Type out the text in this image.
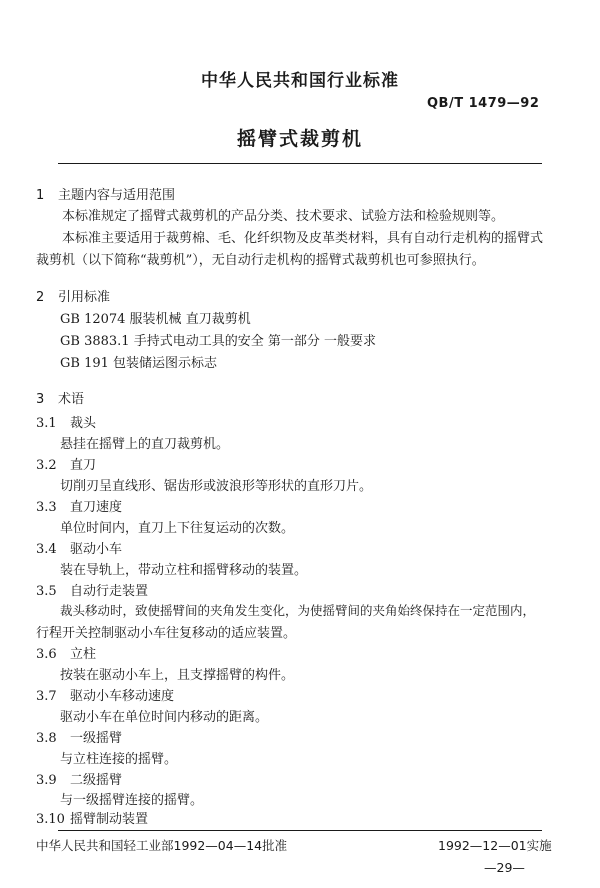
中华人民共和国行业标准
QB/T 1479—92
摇臂式裁剪机
1 主题内容与适用范围
本标准规定了摇臂式裁剪机的产品分类、技术要求、试验方法和检验规则等。
本标准主要适用于裁剪棉、毛、化纤织物及皮革类材料，具有自动行走机构的摇臂式裁剪机（以下简称“裁剪机”），无自动行走机构的摇臂式裁剪机也可参照执行。
2 引用标准
GB 12074 服装机械 直刀裁剪机
GB 3883.1 手持式电动工具的安全 第一部分 一般要求
GB 191 包装储运图示标志
3 术语
3.1 裁头
悬挂在摇臂上的直刀裁剪机。
3.2 直刀
切削刃呈直线形、锯齿形或波浪形等形状的直形刀片。
3.3 直刀速度
单位时间内，直刀上下往复运动的次数。
3.4 驱动小车
装在导轨上，带动立柱和摇臂移动的装置。
3.5 自动行走装置
裁头移动时，致使摇臂间的夹角发生变化，为使摇臂间的夹角始终保持在一定范围内，
行程开关控制驱动小车往复移动的适应装置。
3.6 立柱
按装在驱动小车上，且支撑摇臂的构件。
3.7 驱动小车移动速度
驱动小车在单位时间内移动的距离。
3.8 一级摇臂
与立柱连接的摇臂。
3.9 二级摇臂
与一级摇臂连接的摇臂。
3.10 摇臂制动装置
中华人民共和国轻工业部1992—04—14批准	1992—12—01实施
—29—
